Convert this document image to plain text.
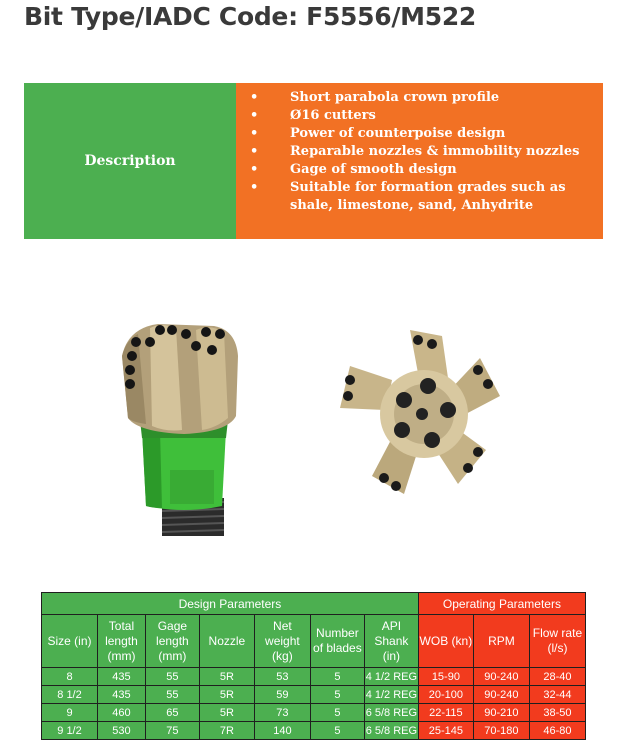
Bit Type/IADC Code: F5556/M522
Description
• Short parabola crown profile
• Ø16 cutters
• Power of counterpoise design
• Reparable nozzles & immobility nozzles
• Gage of smooth design
• Suitable for formation grades such as shale, limestone, sand, Anhydrite
Design Parameters							Operating Parameters		
Size (in)	Total length (mm)	Gage length (mm)	Nozzle	Net weight (kg)	Number of blades	API Shank (in)	WOB (kn)	RPM	Flow rate (l/s)
8	435	55	5R	53	5	4 1/2 REG	15-90	90-240	28-40
8 1/2	435	55	5R	59	5	4 1/2 REG	20-100	90-240	32-44
9	460	65	5R	73	5	6 5/8 REG	22-115	90-210	38-50
9 1/2	530	75	7R	140	5	6 5/8 REG	25-145	70-180	46-80
